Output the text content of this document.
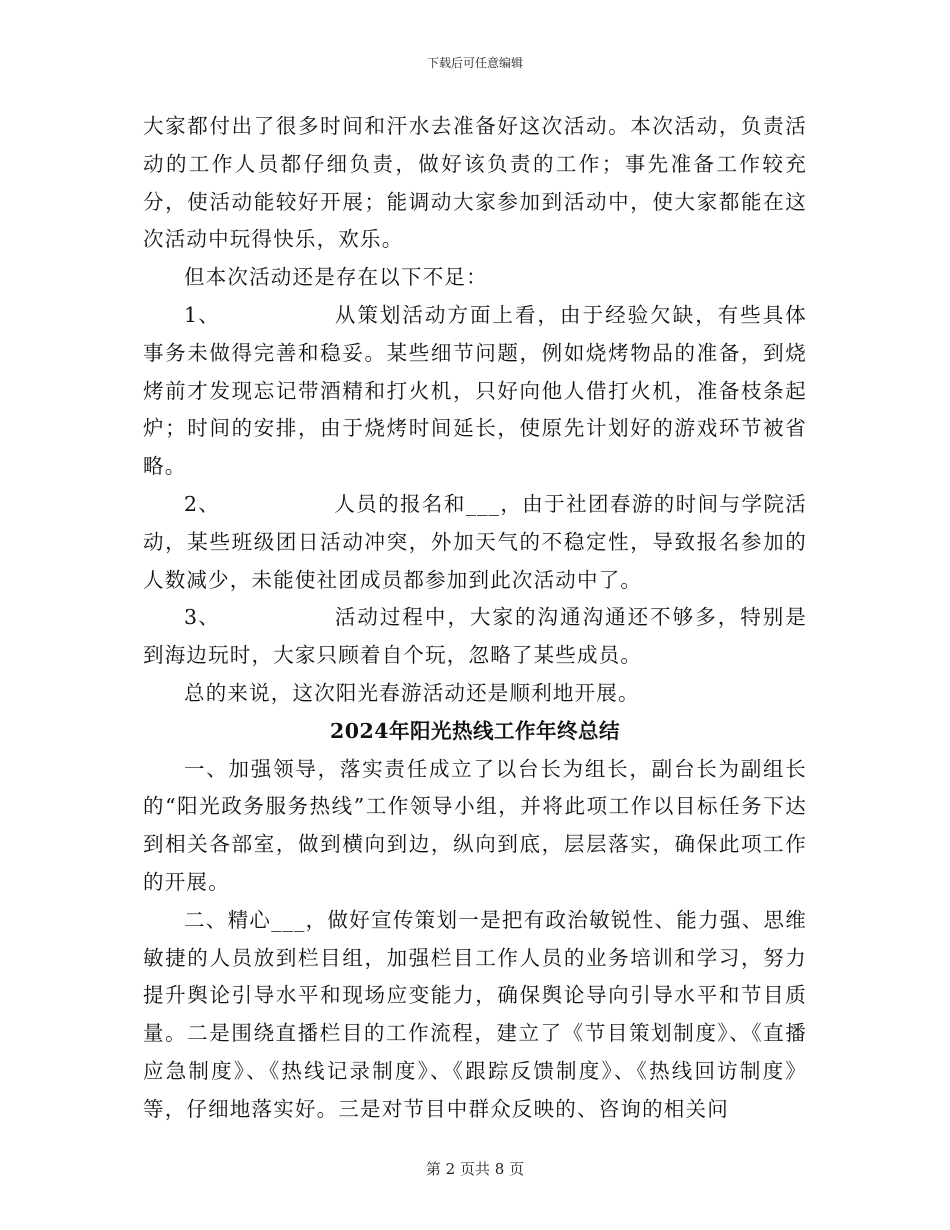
下载后可任意编辑

大家都付出了很多时间和汗水去准备好这次活动。本次活动，负责活动的工作人员都仔细负责，做好该负责的工作；事先准备工作较充分，使活动能较好开展；能调动大家参加到活动中，使大家都能在这次活动中玩得快乐，欢乐。

但本次活动还是存在以下不足：

1、	从策划活动方面上看，由于经验欠缺，有些具体事务未做得完善和稳妥。某些细节问题，例如烧烤物品的准备，到烧烤前才发现忘记带酒精和打火机，只好向他人借打火机，准备枝条起炉；时间的安排，由于烧烤时间延长，使原先计划好的游戏环节被省略。

2、	人员的报名和___，由于社团春游的时间与学院活动，某些班级团日活动冲突，外加天气的不稳定性，导致报名参加的人数减少，未能使社团成员都参加到此次活动中了。

3、	活动过程中，大家的沟通沟通还不够多，特别是到海边玩时，大家只顾着自个玩，忽略了某些成员。

总的来说，这次阳光春游活动还是顺利地开展。

2024年阳光热线工作年终总结

一、加强领导，落实责任成立了以台长为组长，副台长为副组长的“阳光政务服务热线”工作领导小组，并将此项工作以目标任务下达到相关各部室，做到横向到边，纵向到底，层层落实，确保此项工作的开展。

二、精心___，做好宣传策划一是把有政治敏锐性、能力强、思维敏捷的人员放到栏目组，加强栏目工作人员的业务培训和学习，努力提升舆论引导水平和现场应变能力，确保舆论导向引导水平和节目质量。二是围绕直播栏目的工作流程，建立了《节目策划制度》、《直播应急制度》、《热线记录制度》、《跟踪反馈制度》、《热线回访制度》等，仔细地落实好。三是对节目中群众反映的、咨询的相关问

第 2 页共 8 页
